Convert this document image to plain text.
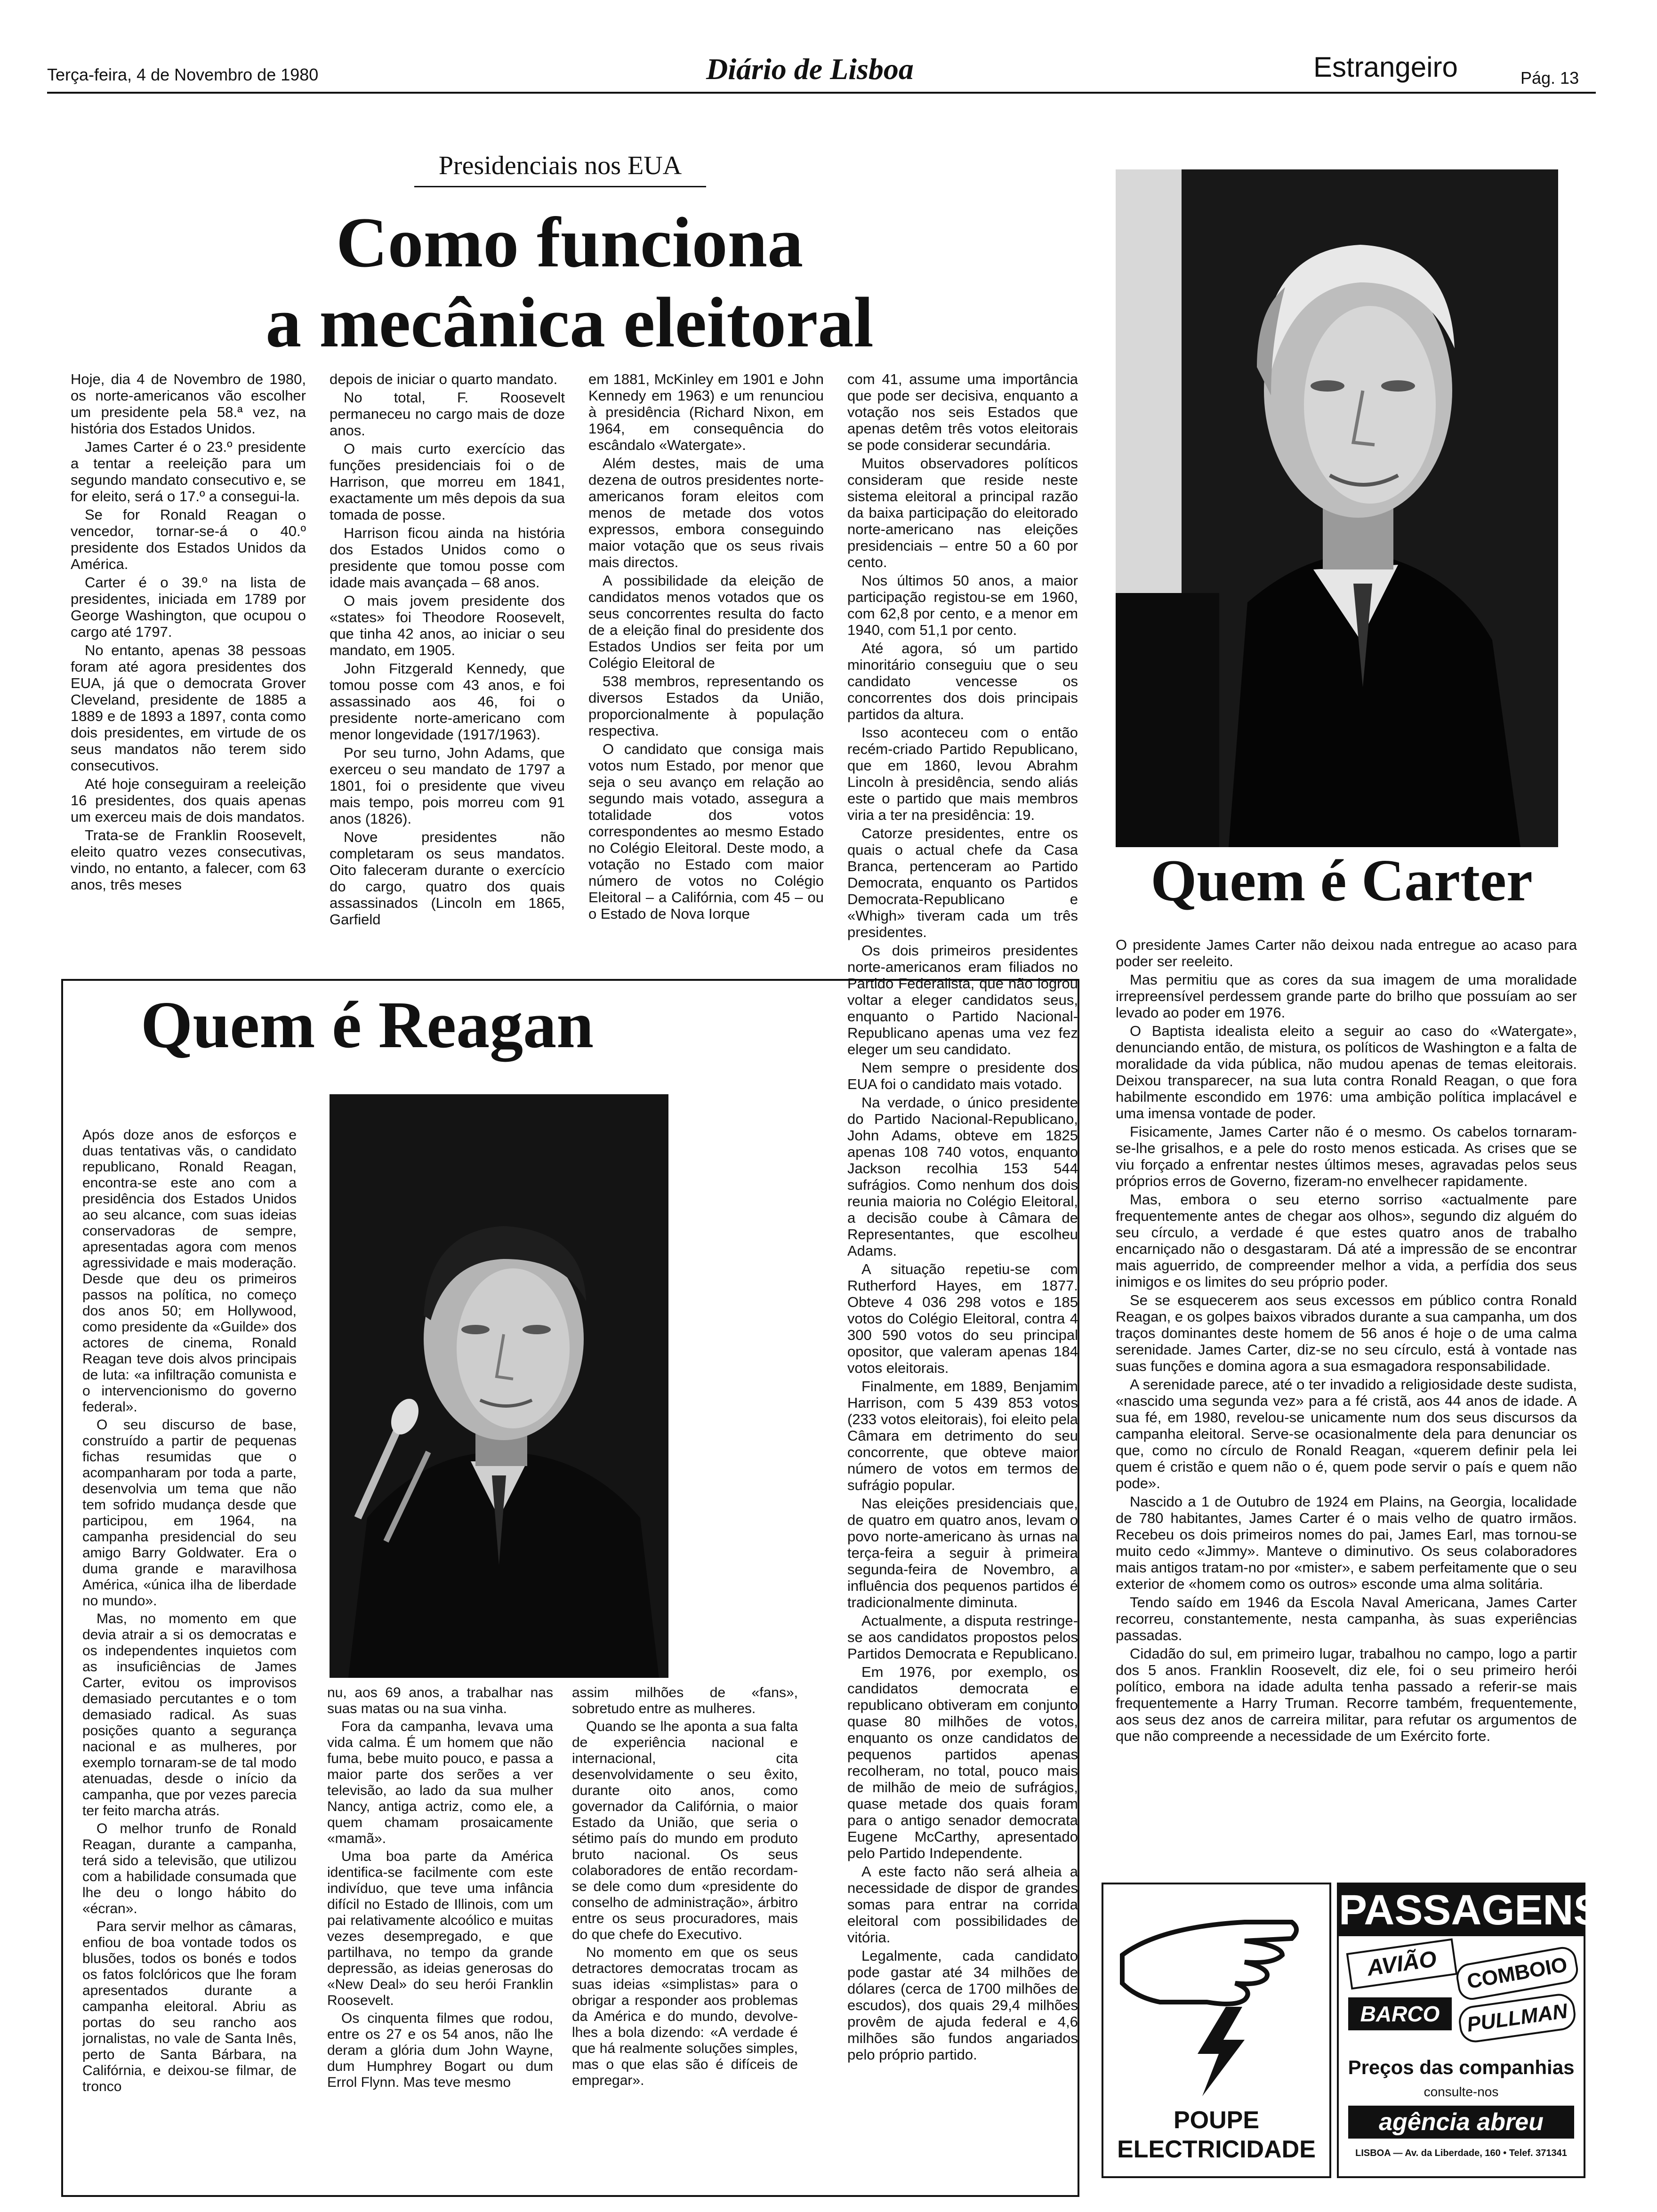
Terça-feira, 4 de Novembro de 1980	Diário de Lisboa	Estrangeiro	Pág. 13
Presidenciais nos EUA
Como funciona
a mecânica eleitoral

Hoje, dia 4 de Novembro de 1980, os norte-americanos vão escolher um presidente pela 58.ª vez, na história dos Estados Unidos.

James Carter é o 23.º presidente a tentar a reeleição para um segundo mandato consecutivo e, se for eleito, será o 17.º a consegui-la.

Se for Ronald Reagan o vencedor, tornar-se-á o 40.º presidente dos Estados Unidos da América.

Carter é o 39.º na lista de presidentes, iniciada em 1789 por George Washington, que ocupou o cargo até 1797.

No entanto, apenas 38 pessoas foram até agora presidentes dos EUA, já que o democrata Grover Cleveland, presidente de 1885 a 1889 e de 1893 a 1897, conta como dois presidentes, em virtude de os seus mandatos não terem sido consecutivos.

Até hoje conseguiram a reeleição 16 presidentes, dos quais apenas um exerceu mais de dois mandatos.

Trata-se de Franklin Roosevelt, eleito quatro vezes consecutivas, vindo, no entanto, a falecer, com 63 anos, três meses

depois de iniciar o quarto mandato.

No total, F. Roosevelt permaneceu no cargo mais de doze anos.

O mais curto exercício das funções presidenciais foi o de Harrison, que morreu em 1841, exactamente um mês depois da sua tomada de posse.

Harrison ficou ainda na história dos Estados Unidos como o presidente que tomou posse com idade mais avançada – 68 anos.

O mais jovem presidente dos «states» foi Theodore Roosevelt, que tinha 42 anos, ao iniciar o seu mandato, em 1905.

John Fitzgerald Kennedy, que tomou posse com 43 anos, e foi assassinado aos 46, foi o presidente norte-americano com menor longevidade (1917/1963).

Por seu turno, John Adams, que exerceu o seu mandato de 1797 a 1801, foi o presidente que viveu mais tempo, pois morreu com 91 anos (1826).

Nove presidentes não completaram os seus mandatos. Oito faleceram durante o exercício do cargo, quatro dos quais assassinados (Lincoln em 1865, Garfield

em 1881, McKinley em 1901 e John Kennedy em 1963) e um renunciou à presidência (Richard Nixon, em 1964, em consequência do escândalo «Watergate».

Além destes, mais de uma dezena de outros presidentes norte-americanos foram eleitos com menos de metade dos votos expressos, embora conseguindo maior votação que os seus rivais mais directos.

A possibilidade da eleição de candidatos menos votados que os seus concorrentes resulta do facto de a eleição final do presidente dos Estados Undios ser feita por um Colégio Eleitoral de

538 membros, representando os diversos Estados da União, proporcionalmente à população respectiva.

O candidato que consiga mais votos num Estado, por menor que seja o seu avanço em relação ao segundo mais votado, assegura a totalidade dos votos correspondentes ao mesmo Estado no Colégio Eleitoral. Deste modo, a votação no Estado com maior número de votos no Colégio Eleitoral – a Califórnia, com 45 – ou o Estado de Nova Iorque

com 41, assume uma importância que pode ser decisiva, enquanto a votação nos seis Estados que apenas detêm três votos eleitorais se pode considerar secundária.

Muitos observadores políticos consideram que reside neste sistema eleitoral a principal razão da baixa participação do eleitorado norte-americano nas eleições presidenciais – entre 50 a 60 por cento.

Nos últimos 50 anos, a maior participação registou-se em 1960, com 62,8 por cento, e a menor em 1940, com 51,1 por cento.

Até agora, só um partido minoritário conseguiu que o seu candidato vencesse os concorrentes dos dois principais partidos da altura.

Isso aconteceu com o então recém-criado Partido Republicano, que em 1860, levou Abrahm Lincoln à presidência, sendo aliás este o partido que mais membros viria a ter na presidência: 19.

Catorze presidentes, entre os quais o actual chefe da Casa Branca, pertenceram ao Partido Democrata, enquanto os Partidos Democrata-Republicano e «Whigh» tiveram cada um três presidentes.

Os dois primeiros presidentes norte-americanos eram filiados no Partido Federalista, que não logrou voltar a eleger candidatos seus, enquanto o Partido Nacional-Republicano apenas uma vez fez eleger um seu candidato.

Nem sempre o presidente dos EUA foi o candidato mais votado.

Na verdade, o único presidente do Partido Nacional-Republicano, John Adams, obteve em 1825 apenas 108 740 votos, enquanto Jackson recolhia 153 544 sufrágios. Como nenhum dos dois reunia maioria no Colégio Eleitoral, a decisão coube à Câmara de Representantes, que escolheu Adams.

A situação repetiu-se com Rutherford Hayes, em 1877. Obteve 4 036 298 votos e 185 votos do Colégio Eleitoral, contra 4 300 590 votos do seu principal opositor, que valeram apenas 184 votos eleitorais.

Finalmente, em 1889, Benjamim Harrison, com 5 439 853 votos (233 votos eleitorais), foi eleito pela Câmara em detrimento do seu concorrente, que obteve maior número de votos em termos de sufrágio popular.

Nas eleições presidenciais que, de quatro em quatro anos, levam o povo norte-americano às urnas na terça-feira a seguir à primeira segunda-feira de Novembro, a influência dos pequenos partidos é tradicionalmente diminuta.

Actualmente, a disputa restringe-se aos candidatos propostos pelos Partidos Democrata e Republicano.

Em 1976, por exemplo, os candidatos democrata e republicano obtiveram em conjunto quase 80 milhões de votos, enquanto os onze candidatos de pequenos partidos apenas recolheram, no total, pouco mais de milhão de meio de sufrágios, quase metade dos quais foram para o antigo senador democrata Eugene McCarthy, apresentado pelo Partido Independente.

A este facto não será alheia a necessidade de dispor de grandes somas para entrar na corrida eleitoral com possibilidades de vitória.

Legalmente, cada candidato pode gastar até 34 milhões de dólares (cerca de 1700 milhões de escudos), dos quais 29,4 milhões provêm de ajuda federal e 4,6 milhões são fundos angariados pelo próprio partido.

Quem é Reagan

Após doze anos de esforços e duas tentativas vãs, o candidato republicano, Ronald Reagan, encontra-se este ano com a presidência dos Estados Unidos ao seu alcance, com suas ideias conservadoras de sempre, apresentadas agora com menos agressividade e mais moderação. Desde que deu os primeiros passos na política, no começo dos anos 50; em Hollywood, como presidente da «Guilde» dos actores de cinema, Ronald Reagan teve dois alvos principais de luta: «a infiltração comunista e o intervencionismo do governo federal».

O seu discurso de base, construído a partir de pequenas fichas resumidas que o acompanharam por toda a parte, desenvolvia um tema que não tem sofrido mudança desde que participou, em 1964, na campanha presidencial do seu amigo Barry Goldwater. Era o duma grande e maravilhosa América, «única ilha de liberdade no mundo».

Mas, no momento em que devia atrair a si os democratas e os independentes inquietos com as insuficiências de James Carter, evitou os improvisos demasiado percutantes e o tom demasiado radical. As suas posições quanto a segurança nacional e as mulheres, por exemplo tornaram-se de tal modo atenuadas, desde o início da campanha, que por vezes parecia ter feito marcha atrás.

O melhor trunfo de Ronald Reagan, durante a campanha, terá sido a televisão, que utilizou com a habilidade consumada que lhe deu o longo hábito do «écran».

Para servir melhor as câmaras, enfiou de boa vontade todos os blusões, todos os bonés e todos os fatos folclóricos que lhe foram apresentados durante a campanha eleitoral. Abriu as portas do seu rancho aos jornalistas, no vale de Santa Inês, perto de Santa Bárbara, na Califórnia, e deixou-se filmar, de tronco

nu, aos 69 anos, a trabalhar nas suas matas ou na sua vinha.

Fora da campanha, levava uma vida calma. É um homem que não fuma, bebe muito pouco, e passa a maior parte dos serões a ver televisão, ao lado da sua mulher Nancy, antiga actriz, como ele, a quem chamam prosaicamente «mamã».

Uma boa parte da América identifica-se facilmente com este indivíduo, que teve uma infância difícil no Estado de Illinois, com um pai relativamente alcoólico e muitas vezes desempregado, e que partilhava, no tempo da grande depressão, as ideias generosas do «New Deal» do seu herói Franklin Roosevelt.

Os cinquenta filmes que rodou, entre os 27 e os 54 anos, não lhe deram a glória dum John Wayne, dum Humphrey Bogart ou dum Errol Flynn. Mas teve mesmo

assim milhões de «fans», sobretudo entre as mulheres.

Quando se lhe aponta a sua falta de experiência nacional e internacional, cita desenvolvidamente o seu êxito, durante oito anos, como governador da Califórnia, o maior Estado da União, que seria o sétimo país do mundo em produto bruto nacional. Os seus colaboradores de então recordam-se dele como dum «presidente do conselho de administração», árbitro entre os seus procuradores, mais do que chefe do Executivo.

No momento em que os seus detractores democratas trocam as suas ideias «simplistas» para o obrigar a responder aos problemas da América e do mundo, devolve-lhes a bola dizendo: «A verdade é que há realmente soluções simples, mas o que elas são é difíceis de empregar».

Quem é Carter

O presidente James Carter não deixou nada entregue ao acaso para poder ser reeleito.

Mas permitiu que as cores da sua imagem de uma moralidade irrepreensível perdessem grande parte do brilho que possuíam ao ser levado ao poder em 1976.

O Baptista idealista eleito a seguir ao caso do «Watergate», denunciando então, de mistura, os políticos de Washington e a falta de moralidade da vida pública, não mudou apenas de temas eleitorais. Deixou transparecer, na sua luta contra Ronald Reagan, o que fora habilmente escondido em 1976: uma ambição política implacável e uma imensa vontade de poder.

Fisicamente, James Carter não é o mesmo. Os cabelos tornaram-se-lhe grisalhos, e a pele do rosto menos esticada. As crises que se viu forçado a enfrentar nestes últimos meses, agravadas pelos seus próprios erros de Governo, fizeram-no envelhecer rapidamente.

Mas, embora o seu eterno sorriso «actualmente pare frequentemente antes de chegar aos olhos», segundo diz alguém do seu círculo, a verdade é que estes quatro anos de trabalho encarniçado não o desgastaram. Dá até a impressão de se encontrar mais aguerrido, de compreender melhor a vida, a perfídia dos seus inimigos e os limites do seu próprio poder.

Se se esquecerem aos seus excessos em público contra Ronald Reagan, e os golpes baixos vibrados durante a sua campanha, um dos traços dominantes deste homem de 56 anos é hoje o de uma calma serenidade. James Carter, diz-se no seu círculo, está à vontade nas suas funções e domina agora a sua esmagadora responsabilidade.

A serenidade parece, até o ter invadido a religiosidade deste sudista, «nascido uma segunda vez» para a fé cristã, aos 44 anos de idade. A sua fé, em 1980, revelou-se unicamente num dos seus discursos da campanha eleitoral. Serve-se ocasionalmente dela para denunciar os que, como no círculo de Ronald Reagan, «querem definir pela lei quem é cristão e quem não o é, quem pode servir o país e quem não pode».

Nascido a 1 de Outubro de 1924 em Plains, na Georgia, localidade de 780 habitantes, James Carter é o mais velho de quatro irmãos. Recebeu os dois primeiros nomes do pai, James Earl, mas tornou-se muito cedo «Jimmy». Manteve o diminutivo. Os seus colaboradores mais antigos tratam-no por «mister», e sabem perfeitamente que o seu exterior de «homem como os outros» esconde uma alma solitária.

Tendo saído em 1946 da Escola Naval Americana, James Carter recorreu, constantemente, nesta campanha, às suas experiências passadas.

Cidadão do sul, em primeiro lugar, trabalhou no campo, logo a partir dos 5 anos. Franklin Roosevelt, diz ele, foi o seu primeiro herói político, embora na idade adulta tenha passado a referir-se mais frequentemente a Harry Truman. Recorre também, frequentemente, aos seus dez anos de carreira militar, para refutar os argumentos de que não compreende a necessidade de um Exército forte.

POUPE
ELECTRICIDADE
PASSAGENS
AVIÃO	COMBOIO
BARCO	PULLMAN
Preços das companhias
consulte-nos
agência abreu
LISBOA — Av. da Liberdade, 160 • Telef. 371341
